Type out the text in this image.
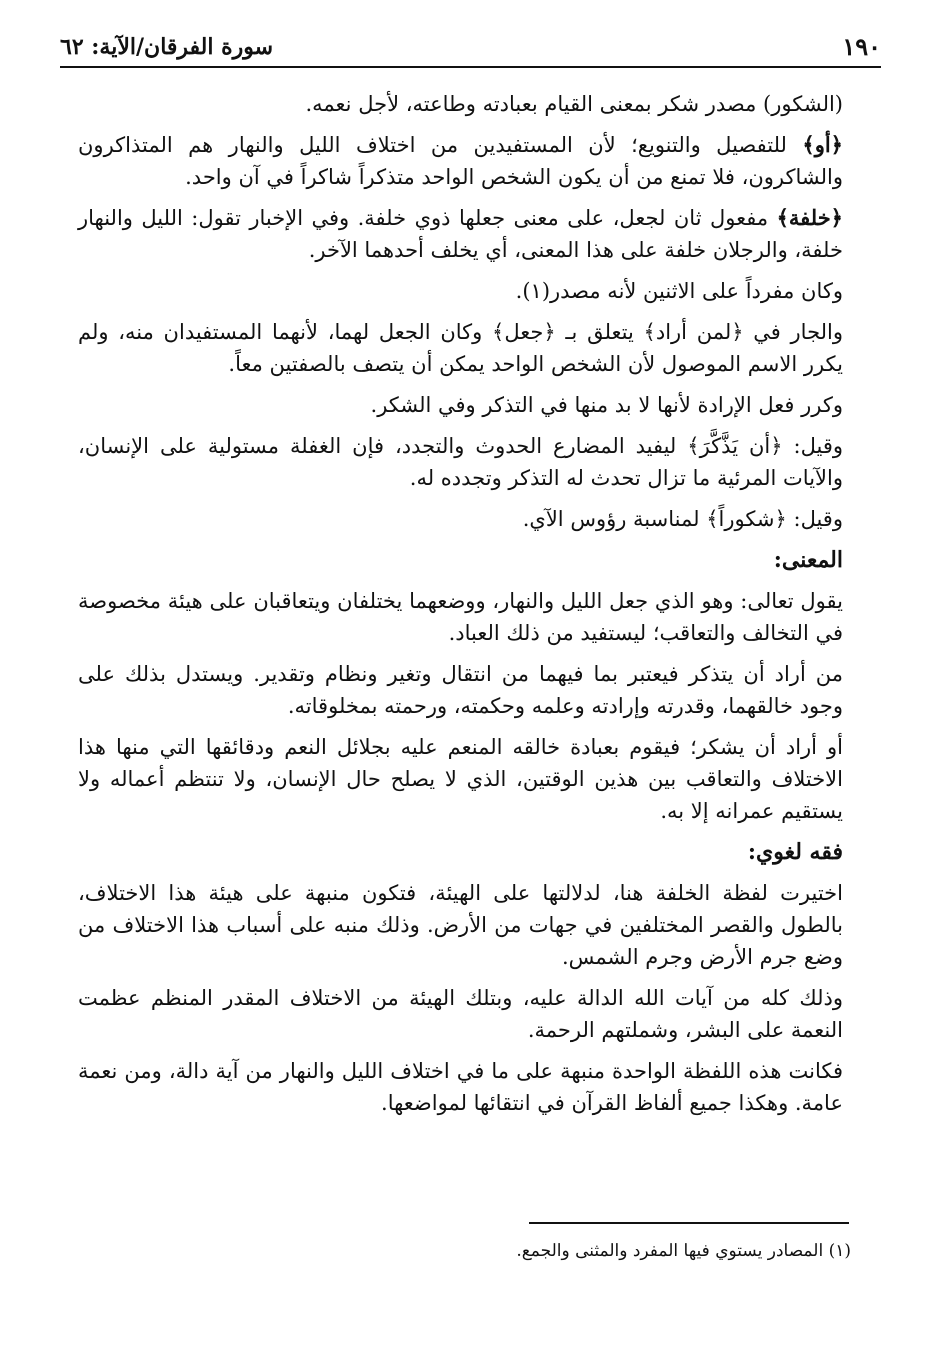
١٩٠
سورة الفرقان/الآية: ٦٢

(الشكور) مصدر شكر بمعنى القيام بعبادته وطاعته، لأجل نعمه.

﴿أو﴾ للتفصيل والتنويع؛ لأن المستفيدين من اختلاف الليل والنهار هم المتذاكرون والشاكرون، فلا تمنع من أن يكون الشخص الواحد متذكراً شاكراً في آن واحد.

﴿خلفة﴾ مفعول ثان لجعل، على معنى جعلها ذوي خلفة. وفي الإخبار تقول: الليل والنهار خلفة، والرجلان خلفة على هذا المعنى، أي يخلف أحدهما الآخر.

وكان مفرداً على الاثنين لأنه مصدر(١).

والجار في ﴿لمن أراد﴾ يتعلق بـ ﴿جعل﴾ وكان الجعل لهما، لأنهما المستفيدان منه، ولم يكرر الاسم الموصول لأن الشخص الواحد يمكن أن يتصف بالصفتين معاً.

وكرر فعل الإرادة لأنها لا بد منها في التذكر وفي الشكر.

وقيل: ﴿أن يَذَّكَّرَ﴾ ليفيد المضارع الحدوث والتجدد، فإن الغفلة مستولية على الإنسان، والآيات المرئية ما تزال تحدث له التذكر وتجدده له.

وقيل: ﴿شكوراً﴾ لمناسبة رؤوس الآي.

المعنى:

يقول تعالى: وهو الذي جعل الليل والنهار، ووضعهما يختلفان ويتعاقبان على هيئة مخصوصة في التخالف والتعاقب؛ ليستفيد من ذلك العباد.

من أراد أن يتذكر فيعتبر بما فيهما من انتقال وتغير ونظام وتقدير. ويستدل بذلك على وجود خالقهما، وقدرته وإرادته وعلمه وحكمته، ورحمته بمخلوقاته.

أو أراد أن يشكر؛ فيقوم بعبادة خالقه المنعم عليه بجلائل النعم ودقائقها التي منها هذا الاختلاف والتعاقب بين هذين الوقتين، الذي لا يصلح حال الإنسان، ولا تنتظم أعماله ولا يستقيم عمرانه إلا به.

فقه لغوي:

اختيرت لفظة الخلفة هنا، لدلالتها على الهيئة، فتكون منبهة على هيئة هذا الاختلاف، بالطول والقصر المختلفين في جهات من الأرض. وذلك منبه على أسباب هذا الاختلاف من وضع جرم الأرض وجرم الشمس.

وذلك كله من آيات الله الدالة عليه، وبتلك الهيئة من الاختلاف المقدر المنظم عظمت النعمة على البشر، وشملتهم الرحمة.

فكانت هذه اللفظة الواحدة منبهة على ما في اختلاف الليل والنهار من آية دالة، ومن نعمة عامة. وهكذا جميع ألفاظ القرآن في انتقائها لمواضعها.

(١) المصادر يستوي فيها المفرد والمثنى والجمع.
